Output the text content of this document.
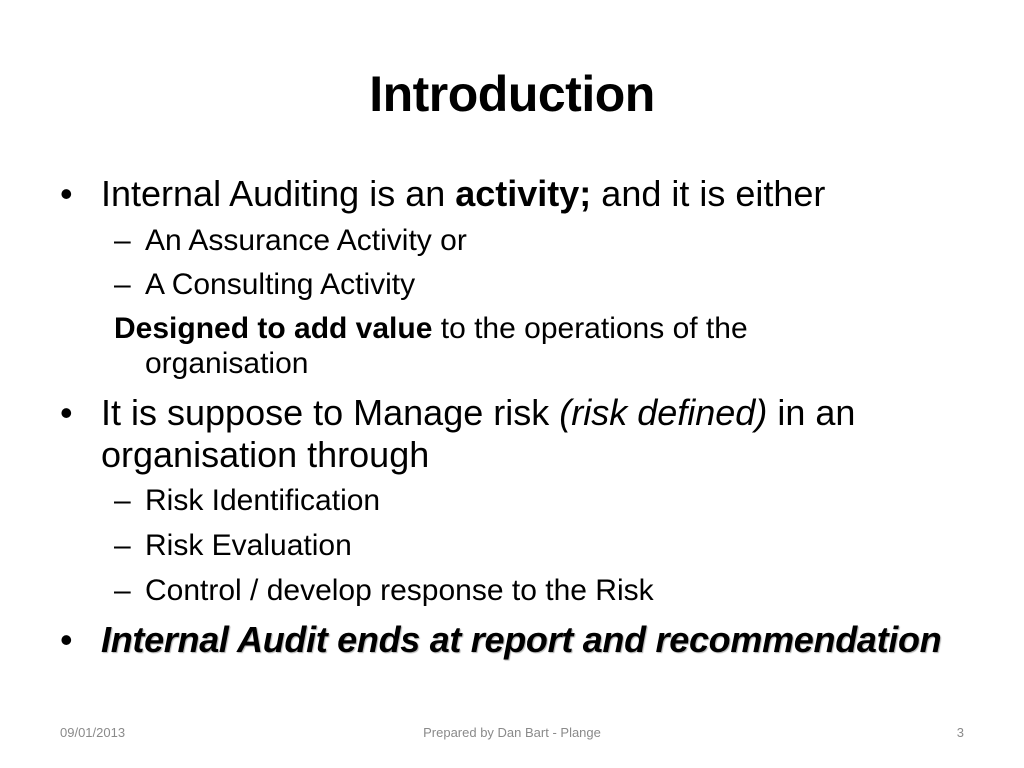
Introduction
• Internal Auditing is an activity; and it is either
– An Assurance Activity or
– A Consulting Activity
Designed to add value to the operations of the
organisation
• It is suppose to Manage risk (risk defined) in an
organisation through
– Risk Identification
– Risk Evaluation
– Control / develop response to the Risk
• Internal Audit ends at report and recommendation
09/01/2013	Prepared by Dan Bart - Plange	3
